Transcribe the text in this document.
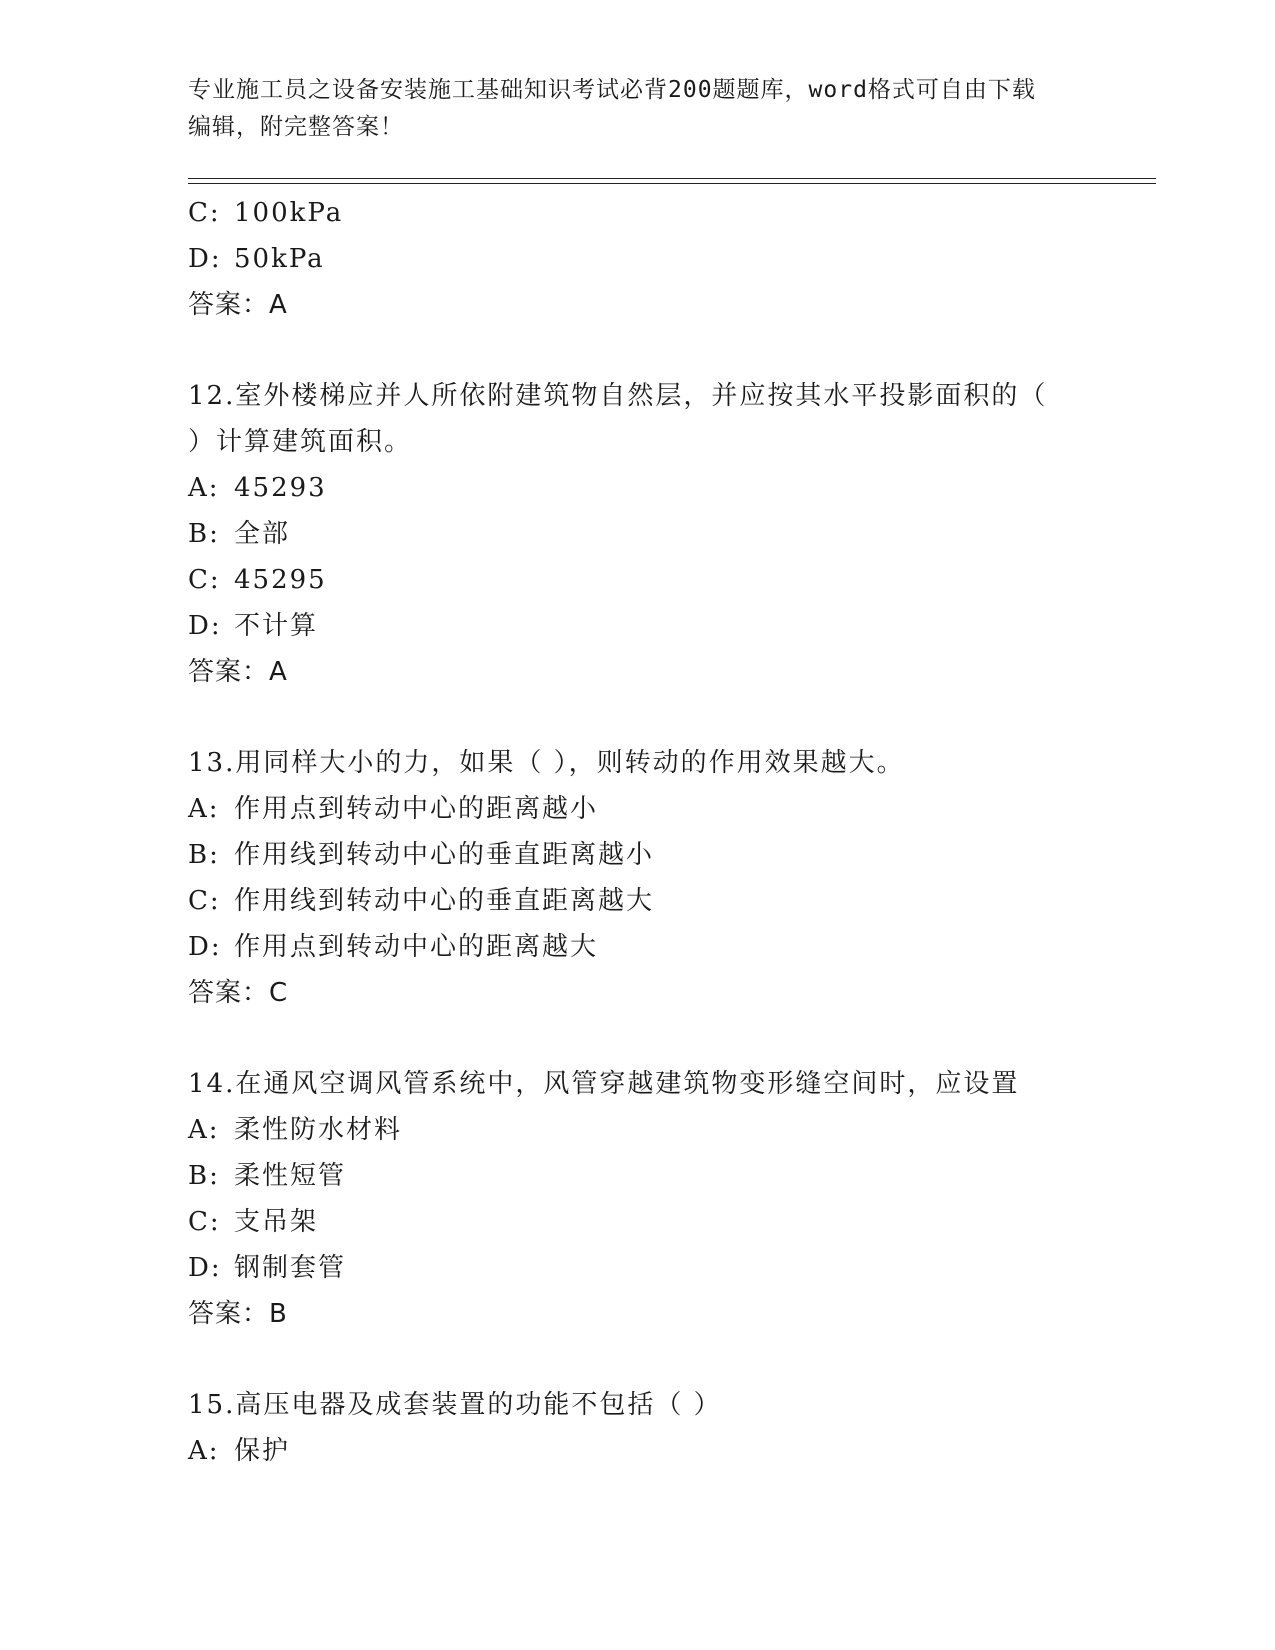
专业施工员之设备安装施工基础知识考试必背200题题库，word格式可自由下载
编辑，附完整答案！
C: 100kPa
D: 50kPa
答案：A
12.室外楼梯应并人所依附建筑物自然层，并应按其水平投影面积的（
）计算建筑面积。
A: 45293
B: 全部
C: 45295
D: 不计算
答案：A
13.用同样大小的力，如果（ ），则转动的作用效果越大。
A: 作用点到转动中心的距离越小
B: 作用线到转动中心的垂直距离越小
C: 作用线到转动中心的垂直距离越大
D: 作用点到转动中心的距离越大
答案：C
14.在通风空调风管系统中，风管穿越建筑物变形缝空间时，应设置
A: 柔性防水材料
B: 柔性短管
C: 支吊架
D: 钢制套管
答案：B
15.高压电器及成套装置的功能不包括（ ）
A: 保护
